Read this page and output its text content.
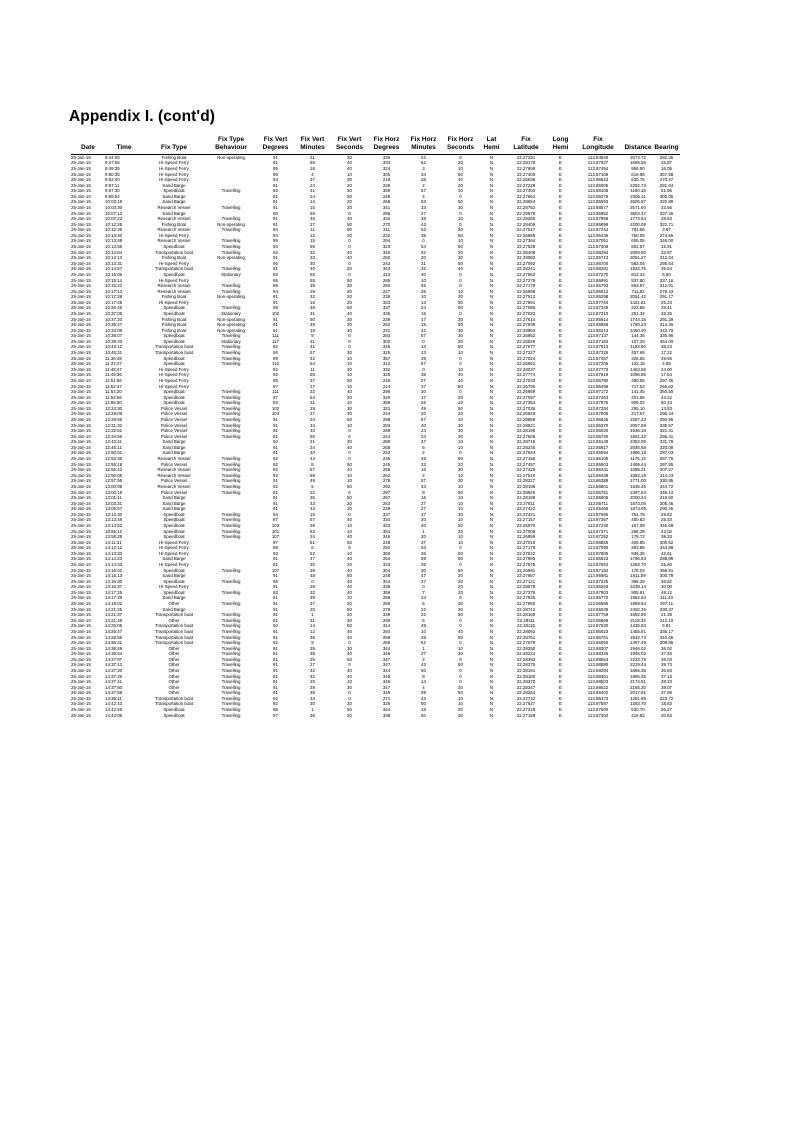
Appendix I. (cont'd)
			Fix Type	Fix Vert	Fix Vert	Fix Vert	Fix Horz	Fix Horz	Fix Horz	Lat	Fix	Long	Fix		
Date	Time	Fix Type	Behaviour	Degrees	Minutes	Seconds	Degrees	Minutes	Seconds	Hemi	Latitude	Hemi	Longitude	Distance	Bearing
25-Jan-15	9:44:05	Fishing Boat	Non-operating	91	21	30	330	22	0	N	22.27291	E	113.84940	2573.72	282.36
25-Jan-15	9:47:55	Hi-Speed Ferry		91	55	40	334	52	20	N	22.28170	E	113.87927	1665.55	26.87
25-Jan-15	9:49:35	Hi-Speed Ferry		95	18	40	324	3	10	N	22.27659	E	113.87454	956.50	16.05
25-Jan-15	9:50:35	Hi-Speed Ferry		95	4	10	305	34	50	N	22.27400	E	113.87169	619.85	357.58
25-Jan-15	9:52:40	Hi-Speed Ferry		94	37	30	218	28	40	N	22.26636	E	113.86523	630.76	270.47
25-Jan-15	9:57:11	Sand Barge		91	24	20	229	2	20	N	22.27228	E	113.85005	2292.73	281.04
25-Jan-15	9:57:30	Speedboat	Travelling	92	41	30	359	57	10	N	22.27493	E	113.88108	1190.18	51.95
25-Jan-15	9:59:54	Sand Barge		91	24	50	248	4	0	N	22.27661	E	113.85276	2305.11	300.05
25-Jan-15	10:03:18	Sand Barge		91	14	20	268	53	50	N	22.28654	E	113.85593	2605.87	320.89
25-Jan-15	10:03:30	Research Vessel	Travelling	91	15	20	341	33	30	N	22.28762	E	113.88577	2571.60	33.56
25-Jan-15	10:07:13	Sand Barge		90	59	0	285	27	0	N	22.29579	E	113.85952	3803.37	337.45
25-Jan-15	10:07:23	Research Vessel	Travelling	91	48	40	334	38	10	N	22.28260	E	113.87959	1773.84	28.63
25-Jan-15	10:12:25	Fishing Boat	Non-operating	91	27	50	270	43	0	N	22.28409	E	113.85898	2200.05	322.71
25-Jan-15	10:12:35	Research Vessel	Travelling	94	11	50	311	52	30	N	22.27517	E	113.87244	781.56	3.87
25-Jan-15	10:13:40	Hi-Speed Ferry		94	12	20	232	39	50	N	22.26869	E	113.86436	760.05	274.66
25-Jan-15	10:13:48	Research Vessel	Travelling	95	15	0	294	0	10	N	22.27364	E	113.87051	606.05	346.00
25-Jan-15	10:13:56	Speedboat	Travelling	93	59	0	323	54	50	N	22.27528	E	113.87408	802.57	15.91
25-Jan-15	10:14:04	Transportation boat	Travelling	92	32	40	340	52	20	N	22.28408	E	113.88294	2093.80	32.87
25-Jan-15	10:14:13	Fishing Boat	Non-operating	91	33	40	250	20	30	N	22.28083	E	113.85713	2051.27	312.34
25-Jan-15	10:14:31	Hi-Speed Ferry		95	40	0	243	31	50	N	22.27092	E	113.86700	583.04	295.54
25-Jan-15	10:14:57	Transportation boat	Travelling	91	40	20	343	32	40	N	22.28241	E	113.88281	1922.76	35.54
25-Jan-15	10:15:06	Speedboat	Stationary	93	55	0	313	30	0	N	22.27562	E	113.87270	812.33	5.50
25-Jan-15	10:15:14	Hi-Speed Ferry		95	55	50	285	10	0	N	22.27279	E	113.86991	537.80	337.16
25-Jan-15	10:15:22	Research Vessel	Travelling	95	39	30	250	55	0	N	22.27179	E	113.86793	563.87	312.91
25-Jan-15	10:17:13	Research Vessel	Travelling	94	29	20	227	26	10	N	22.26998	E	113.86512	711.82	278.43
25-Jan-15	10:17:28	Fishing Boat	Non-operating	91	32	20	239	10	30	N	22.27513	E	113.85298	2091.42	291.17
25-Jan-15	10:17:45	Hi-Speed Ferry		91	15	20	333	13	50	N	22.27991	E	113.87764	1421.81	25.23
25-Jan-15	10:26:45	Speedboat	Travelling	99	48	50	337	24	50	N	22.27086	E	113.87349	322.88	29.41
25-Jan-15	10:37:05	Speedboat	Stationary	102	31	40	336	15	0	N	22.27033	E	113.87310	251.34	28.25
25-Jan-15	10:37:20	Fishing Boat	Non-operating	91	50	30	239	17	30	N	22.27614	E	113.85614	1744.15	291.29
25-Jan-15	10:39:47	Fishing Boat	Non-operating	91	49	30	262	15	50	N	22.27939	E	113.85958	1760.23	314.26
25-Jan-15	10:34:09	Fishing Boat	Non-operating	91	18	30	231	42	30	N	22.28963	E	113.85313	2450.00	343.70
25-Jan-15	10:39:07	Speedboat	Travelling	111	9	0	283	57	30	N	22.26952	E	113.87137	144.35	335.95
25-Jan-15	10:39:33	Speedboat	Stationary	117	31	0	302	0	20	N	22.26929	E	113.87184	107.20	354.00
25-Jan-15	10:43:12	Transportation boat	Travelling	92	41	0	346	13	50	N	22.27677	E	113.87913	1193.90	38.23
25-Jan-15	10:45:31	Transportation boat	Travelling	96	57	30	325	13	10	N	22.27227	E	113.87326	457.69	17.22
25-Jan-15	11:36:48	Speedboat	Travelling	99	42	10	357	39	0	N	22.27024	E	113.87457	326.65	49.65
25-Jan-15	11:37:27	Speedboat	Travelling	112	54	10	312	57	0	N	22.26952	E	113.87206	132.18	4.95
25-Jan-15	11:48:47	Hi-Speed Ferry		92	11	30	332	0	10	N	22.28037	E	113.87773	1463.56	24.00
25-Jan-15	11:49:36	Hi-Speed Ferry		92	55	10	325	38	40	N	22.27774	E	113.87619	1096.85	17.64
25-Jan-15	11:51:56	Hi-Speed Ferry		95	37	50	245	27	40	N	22.27033	E	113.86780	480.55	297.46
25-Jan-15	11:52:47	Hi-Speed Ferry		97	27	10	214	37	50	N	22.26795	E	113.86498	717.53	266.62
25-Jan-15	11:54:20	Speedboat	Travelling	111	32	40	298	30	0	N	22.26959	E	113.87172	141.45	350.50
25-Jan-15	11:54:56	Speedboat	Travelling	97	54	30	340	17	20	N	22.27097	E	113.87463	401.96	43.22
25-Jan-15	11:55:50	Speedboat	Travelling	93	31	10	358	26	10	N	22.27354	E	113.87876	909.02	50.43
25-Jan-15	12:24:30	Police Vessel	Travelling	102	29	30	321	49	50	N	22.27036	E	113.87254	255.10	13.83
25-Jan-15	12:29:09	Police Vessel	Travelling	104	27	30	244	20	20	N	22.26920	E	113.87005	217.57	296.34
25-Jan-15	12:29:55	Police Vessel	Travelling	91	24	50	298	57	10	N	22.28858	E	113.86845	2287.23	350.95
25-Jan-15	12:31:32	Police Vessel	Travelling	91	34	10	283	40	30	N	22.28521	E	113.86370	2057.59	335.57
25-Jan-15	12:32:51	Police Vessel	Travelling	91	40	0	269	24	30	N	22.28195	E	113.86020	1936.18	321.41
25-Jan-15	12:34:56	Police Vessel	Travelling	91	55	0	244	24	30	N	22.27605	E	113.85730	1681.32	295.41
25-Jan-15	12:43:41	Sand Barge		92	21	30	280	47	10	N	22.28715	E	113.86148	2352.05	331.78
25-Jan-15	12:46:11	Sand Barge		91	34	40	268	5	10	N	22.28245	E	113.85917	2046.58	320.08
25-Jan-15	12:50:51	Sand Barge		91	40	0	253	2	0	N	22.27944	E	113.85594	1996.18	287.03
25-Jan-15	12:53:35	Research Vessel	Travelling	92	44	0	235	45	50	N	22.27156	E	113.86105	1176.15	287.76
25-Jan-15	12:55:18	Police Vessel	Travelling	92	8	50	245	33	20	N	22.27457	E	113.85903	1499.44	297.55
25-Jan-15	12:55:42	Research Vessel	Travelling	92	57	40	255	16	30	N	22.27425	E	113.86331	1085.21	307.27
25-Jan-15	12:56:05	Research Vessel	Travelling	92	58	10	262	2	10	N	22.27510	E	113.86438	1082.18	314.23
25-Jan-15	12:57:55	Police Vessel	Travelling	91	49	10	278	57	30	N	22.28227	E	113.86389	1771.00	330.95
25-Jan-15	13:00:05	Research Vessel	Travelling	92	5	50	292	43	10	N	22.28195	E	113.86801	1535.45	344.72
25-Jan-15	13:00:18	Police Vessel	Travelling	91	22	0	297	8	50	N	22.28926	E	113.86751	2367.53	349.14
25-Jan-15	13:01:11	Sand Barge		91	36	50	267	16	10	N	22.28198	E	113.85905	2000.24	319.50
25-Jan-15	13:03:31	Sand Barge		91	43	20	253	27	10	N	22.27811	E	113.85711	1873.05	305.45
25-Jan-15	13:05:57	Sand Barge		91	43	20	238	27	10	N	22.27422	E	113.85466	1873.05	290.45
25-Jan-15	13:12:30	Speedboat	Travelling	94	16	0	337	37	30	N	22.27421	E	113.87556	751.79	29.62
25-Jan-15	13:13:48	Speedboat	Travelling	97	57	40	334	20	10	N	22.27157	E	113.87367	400.83	25.33
25-Jan-15	13:14:52	Speedboat	Travelling	103	38	10	323	40	50	N	22.26970	E	113.87240	157.08	345.68
25-Jan-15	13:55:12	Speedboat	Travelling	101	53	10	351	1	20	N	22.27009	E	113.87371	268.29	43.02
25-Jan-15	13:55:29	Speedboat	Travelling	107	24	40	346	20	10	N	22.26959	E	113.87292	178.72	38.33
25-Jan-15	14:11:31	Hi-Speed Ferry		97	51	50	248	37	10	N	22.27019	E	113.86855	405.85	300.62
25-Jan-15	14:12:12	Hi-Speed Ferry		98	6	0	292	53	0	N	22.27176	E	113.87095	393.86	344.88
25-Jan-15	14:13:33	Hi-Speed Ferry		93	52	10	350	36	50	N	22.27522	E	113.87805	936.36	42.61
25-Jan-15	14:14:23	Sand Barge		91	47	40	254	59	50	N	22.27905	E	113.85523	1796.93	288.99
25-Jan-15	14:14:33	Hi-Speed Ferry		91	30	20	333	35	0	N	22.27875	E	113.87653	1283.70	25.60
25-Jan-15	14:16:02	Speedboat	Travelling	107	39	40	304	30	50	N	22.26991	E	113.87184	176.03	356.51
25-Jan-15	14:16:13	Sand Barge		91	48	50	248	47	20	N	22.27667	E	113.85681	1811.09	300.79
25-Jan-15	14:16:30	Speedboat	Travelling	96	0	40	344	37	20	N	22.27121	E	113.87425	398.29	36.62
25-Jan-15	14:16:37	Hi-Speed Ferry		91	28	40	338	0	20	N	22.28578	E	113.88263	2238.14	30.00
25-Jan-15	14:17:25	Speedboat	Travelling	93	32	40	356	7	20	N	22.27378	E	113.87903	905.81	48.12
25-Jan-15	14:17:49	Sand Barge		91	39	10	259	24	0	N	22.27925	E	113.85770	1952.64	311.40
25-Jan-15	14:18:02	Other	Travelling	91	37	20	259	6	30	N	22.27950	E	113.85595	1969.84	297.11
25-Jan-15	14:21:25	Sand Barge		91	20	50	278	22	30	N	22.28712	E	113.86039	2402.25	330.37
25-Jan-15	14:21:37	Transportation boat	Travelling	91	1	20	339	22	50	N	22.28168	E	113.87759	1592.85	21.38
25-Jan-15	14:21:49	Other	Travelling	91	31	30	290	6	0	N	22.28111	E	113.85668	2118.32	312.10
25-Jan-15	14:25:05	Transportation boat	Travelling	92	14	50	314	49	0	N	22.28115	E	113.87530	1435.83	5.81
25-Jan-15	14:25:47	Transportation boat	Travelling	91	12	40	284	10	40	N	22.28092	E	113.86523	1455.81	336.17
25-Jan-15	14:28:55	Transportation boat	Travelling	91	39	40	258	39	50	N	22.28751	E	113.86761	1942.73	310.65
25-Jan-15	14:36:31	Transportation boat	Travelling	92	9	0	256	52	0	N	22.27679	E	113.86060	1497.49	308.86
25-Jan-15	14:36:49	Other	Travelling	91	39	30	344	1	10	N	22.28250	E	113.88307	1946.02	36.02
25-Jan-15	14:36:54	Other	Travelling	91	35	40	345	27	30	N	22.28224	E	113.88345	1945.02	37.46
25-Jan-15	14:37:07	Other	Travelling	91	26	50	347	2	0	N	22.28393	E	113.88563	2233.78	39.03
25-Jan-15	14:37:13	Other	Travelling	91	27	0	347	43	50	N	22.28375	E	113.88580	2229.44	39.73
25-Jan-15	14:37:20	Other	Travelling	91	42	40	344	50	0	N	22.28191	E	113.88294	1865.35	36.83
25-Jan-15	14:37:26	Other	Travelling	91	42	40	345	8	0	N	22.28180	E	113.88301	1885.35	37.13
25-Jan-15	14:37:41	Other	Travelling	91	29	10	346	14	0	N	22.28370	E	113.88503	2174.51	38.23
25-Jan-15	14:37:50	Other	Travelling	91	29	30	347	4	20	N	22.28347	E	113.88522	2165.30	39.07
25-Jan-15	14:37:58	Other	Travelling	91	35	0	345	59	50	N	22.28264	E	113.88402	2017.81	37.99
25-Jan-15	14:38:11	Transportation boat	Travelling	92	34	0	271	43	10	N	22.27742	E	113.86473	1251.95	323.72
25-Jan-15	14:42:43	Transportation boat	Travelling	92	30	20	325	50	10	N	22.27927	E	113.87597	1283.70	18.83
25-Jan-15	14:42:55	Speedboat	Travelling	96	1	50	344	18	20	N	22.27218	E	113.87500	530.70	36.27
25-Jan-15	14:43:06	Speedboat	Travelling	97	38	20	338	50	30	N	22.27158	E	113.87404	419.82	30.84
